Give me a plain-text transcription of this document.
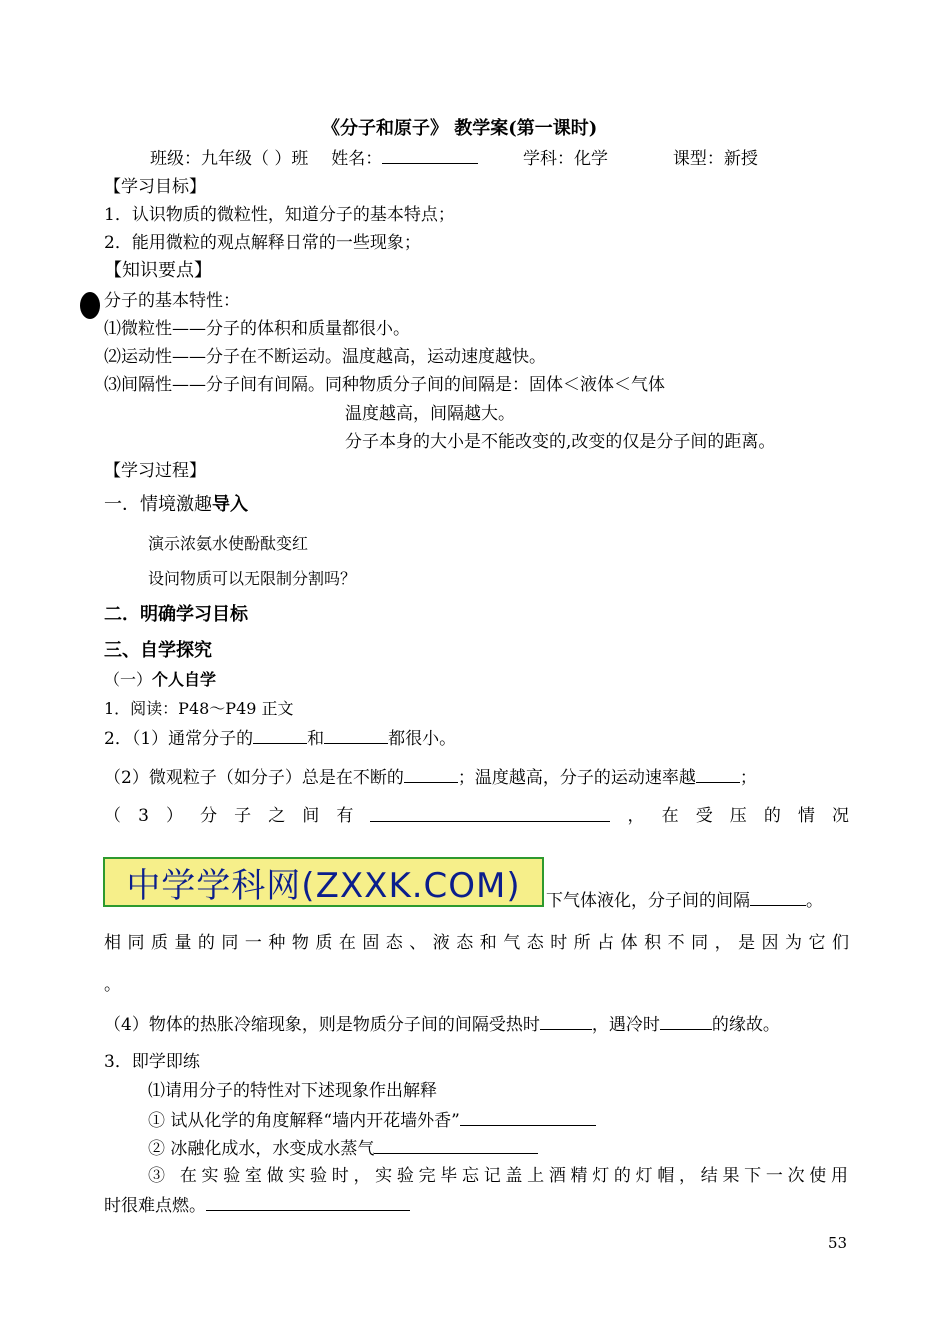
《分子和原子》 教学案(第一课时)
班级：九年级（ ）班 姓名：	学科：化学	课型：新授
【学习目标】
1．认识物质的微粒性，知道分子的基本特点；
2．能用微粒的观点解释日常的一些现象；
【知识要点】
分子的基本特性：
⑴微粒性——分子的体积和质量都很小。
⑵运动性——分子在不断运动。温度越高，运动速度越快。
⑶间隔性——分子间有间隔。同种物质分子间的间隔是：固体＜液体＜气体
温度越高，间隔越大。
分子本身的大小是不能改变的,改变的仅是分子间的距离。
【学习过程】
一．情境激趣导入
演示浓氨水使酚酞变红
设问物质可以无限制分割吗？
二．明确学习目标
三、自学探究
（一）个人自学
1．阅读：P48～P49 正文
2．（1）通常分子的	和	都很小。
（2）微观粒子（如分子）总是在不断的	；温度越高，分子的运动速率越	；
（ 3 ） 分 子 之 间 有	， 在 受 压 的 情 况
中学学科网(ZXXK.COM)	下气体液化，分子间的间隔	。
相同质量的同一种物质在固态、液态和气态时所占体积不同，是因为它们
。
（4）物体的热胀冷缩现象，则是物质分子间的间隔受热时	，遇冷时	的缘故。
3．即学即练
⑴请用分子的特性对下述现象作出解释
① 试从化学的角度解释“墙内开花墙外香”
② 冰融化成水，水变成水蒸气
③ 在实验室做实验时，实验完毕忘记盖上酒精灯的灯帽，结果下一次使用
时很难点燃。
53
